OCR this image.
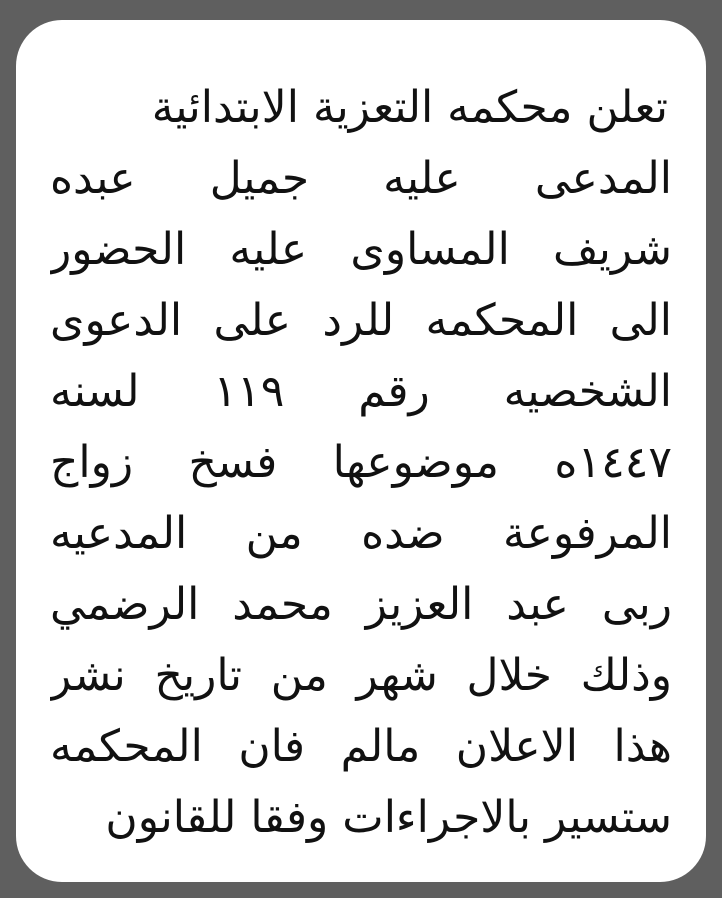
تعلن محكمه التعزية الابتدائية
المدعى عليه جميل عبده
شريف المساوى عليه الحضور
الى المحكمه للرد على الدعوى
الشخصيه رقم ١١٩ لسنه
١٤٤٧ه موضوعها فسخ زواج
المرفوعة ضده من المدعيه
ربى عبد العزيز محمد الرضمي
وذلك خلال شهر من تاريخ نشر
هذا الاعلان مالم فان المحكمه
ستسير بالاجراءات وفقا للقانون
